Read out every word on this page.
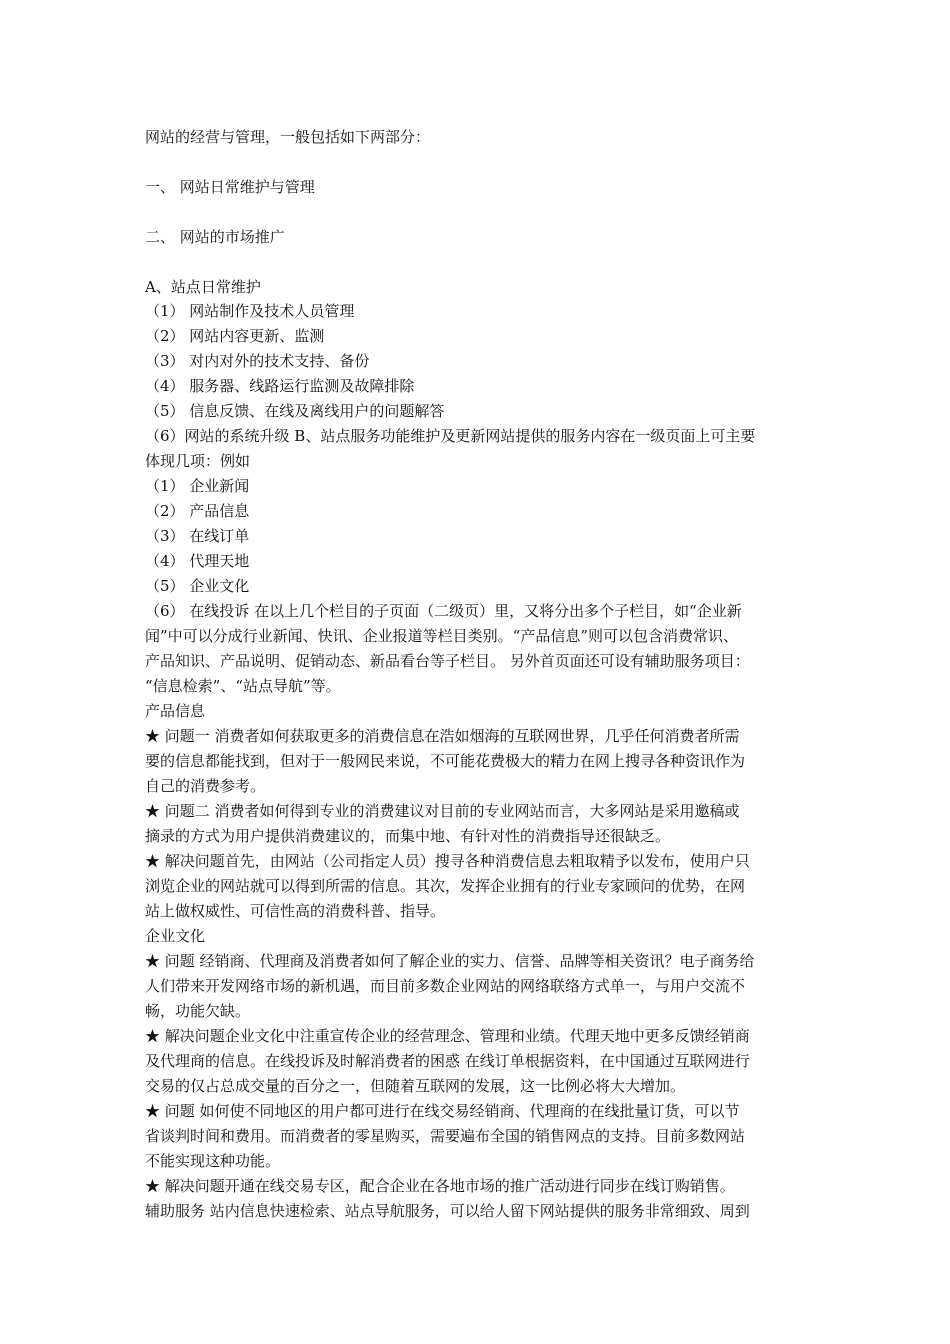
网站的经营与管理，一般包括如下两部分：
一、 网站日常维护与管理
二、 网站的市场推广
A、站点日常维护
（1） 网站制作及技术人员管理
（2） 网站内容更新、监测
（3） 对内对外的技术支持、备份
（4） 服务器、线路运行监测及故障排除
（5） 信息反馈、在线及离线用户的问题解答
（6）网站的系统升级 B、站点服务功能维护及更新网站提供的服务内容在一级页面上可主要
体现几项：例如
（1） 企业新闻
（2） 产品信息
（3） 在线订单
（4） 代理天地
（5） 企业文化
（6） 在线投诉 在以上几个栏目的子页面（二级页）里，又将分出多个子栏目，如“企业新
闻”中可以分成行业新闻、快讯、企业报道等栏目类别。“产品信息”则可以包含消费常识、
产品知识、产品说明、促销动态、新品看台等子栏目。 另外首页面还可设有辅助服务项目：
“信息检索”、“站点导航”等。
产品信息
★ 问题一 消费者如何获取更多的消费信息在浩如烟海的互联网世界，几乎任何消费者所需
要的信息都能找到，但对于一般网民来说，不可能花费极大的精力在网上搜寻各种资讯作为
自己的消费参考。
★ 问题二 消费者如何得到专业的消费建议对目前的专业网站而言，大多网站是采用邀稿或
摘录的方式为用户提供消费建议的，而集中地、有针对性的消费指导还很缺乏。
★ 解决问题首先，由网站（公司指定人员）搜寻各种消费信息去粗取精予以发布，使用户只
浏览企业的网站就可以得到所需的信息。其次，发挥企业拥有的行业专家顾问的优势，在网
站上做权威性、可信性高的消费科普、指导。
企业文化
★ 问题 经销商、代理商及消费者如何了解企业的实力、信誉、品牌等相关资讯？电子商务给
人们带来开发网络市场的新机遇，而目前多数企业网站的网络联络方式单一，与用户交流不
畅，功能欠缺。
★ 解决问题企业文化中注重宣传企业的经营理念、管理和业绩。代理天地中更多反馈经销商
及代理商的信息。在线投诉及时解消费者的困惑 在线订单根据资料，在中国通过互联网进行
交易的仅占总成交量的百分之一，但随着互联网的发展，这一比例必将大大增加。
★ 问题 如何使不同地区的用户都可进行在线交易经销商、代理商的在线批量订货，可以节
省谈判时间和费用。而消费者的零星购买，需要遍布全国的销售网点的支持。目前多数网站
不能实现这种功能。
★ 解决问题开通在线交易专区，配合企业在各地市场的推广活动进行同步在线订购销售。
辅助服务 站内信息快速检索、站点导航服务，可以给人留下网站提供的服务非常细致、周到
